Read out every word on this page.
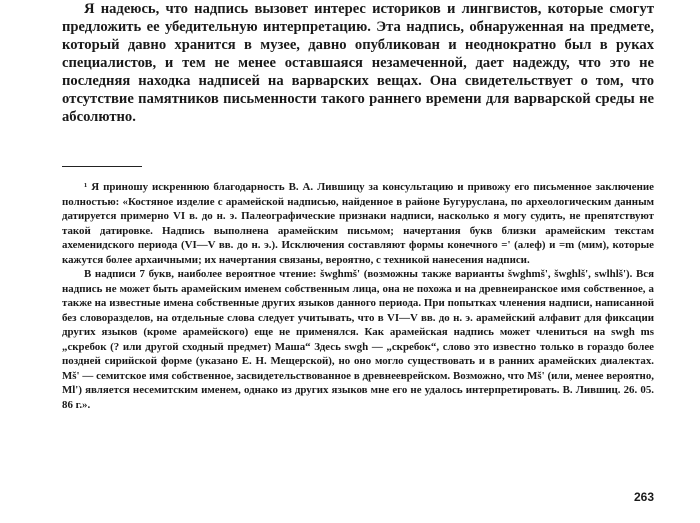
Я надеюсь, что надпись вызовет интерес историков и лингвистов, которые смогут предложить ее убедительную интерпретацию. Эта надпись, обнаруженная на предмете, который давно хранится в музее, давно опубликован и неоднократно был в руках специалистов, и тем не менее оставшаяся незамеченной, дает надежду, что это не последняя находка надписей на варварских вещах. Она свидетельствует о том, что отсутствие памятников письменности такого раннего времени для варварской среды не абсолютно.

¹ Я приношу искреннюю благодарность В. А. Лившицу за консультацию и привожу его письменное заключение полностью: «Костяное изделие с арамейской надписью, найденное в районе Бугуруслана, по археологическим данным датируется примерно VI в. до н. э. Палеографические признаки надписи, насколько я могу судить, не препятствуют такой датировке. Надпись выполнена арамейским письмом; начертания букв близки арамейским текстам ахеменидского периода (VI—V вв. до н. э.). Исключения составляют формы конечного =' (алеф) и =m (мим), которые кажутся более архаичными; их начертания связаны, вероятно, с техникой нанесения надписи.

В надписи 7 букв, наиболее вероятное чтение: šwghmš' (возможны также варианты šwghmš', šwghlš', swlhlš'). Вся надпись не может быть арамейским именем собственным лица, она не похожа и на древнеиранское имя собственное, а также на известные имена собственные других языков данного периода. При попытках членения надписи, написанной без словоразделов, на отдельные слова следует учитывать, что в VI—V вв. до н. э. арамейский алфавит для фиксации других языков (кроме арамейского) еще не применялся. Как арамейская надпись может члениться на swgh ms „скребок (? или другой сходный предмет) Маша“ Здесь swgh — „скребок“, слово это известно только в гораздо более поздней сирийской форме (указано Е. Н. Мещерской), но оно могло существовать и в ранних арамейских диалектах. Mš' — семитское имя собственное, засвидетельствованное в древнееврейском. Возможно, что Mš' (или, менее вероятно, Ml') является несемитским именем, однако из других языков мне его не удалось интерпретировать. В. Лившиц. 26. 05. 86 г.».

263
